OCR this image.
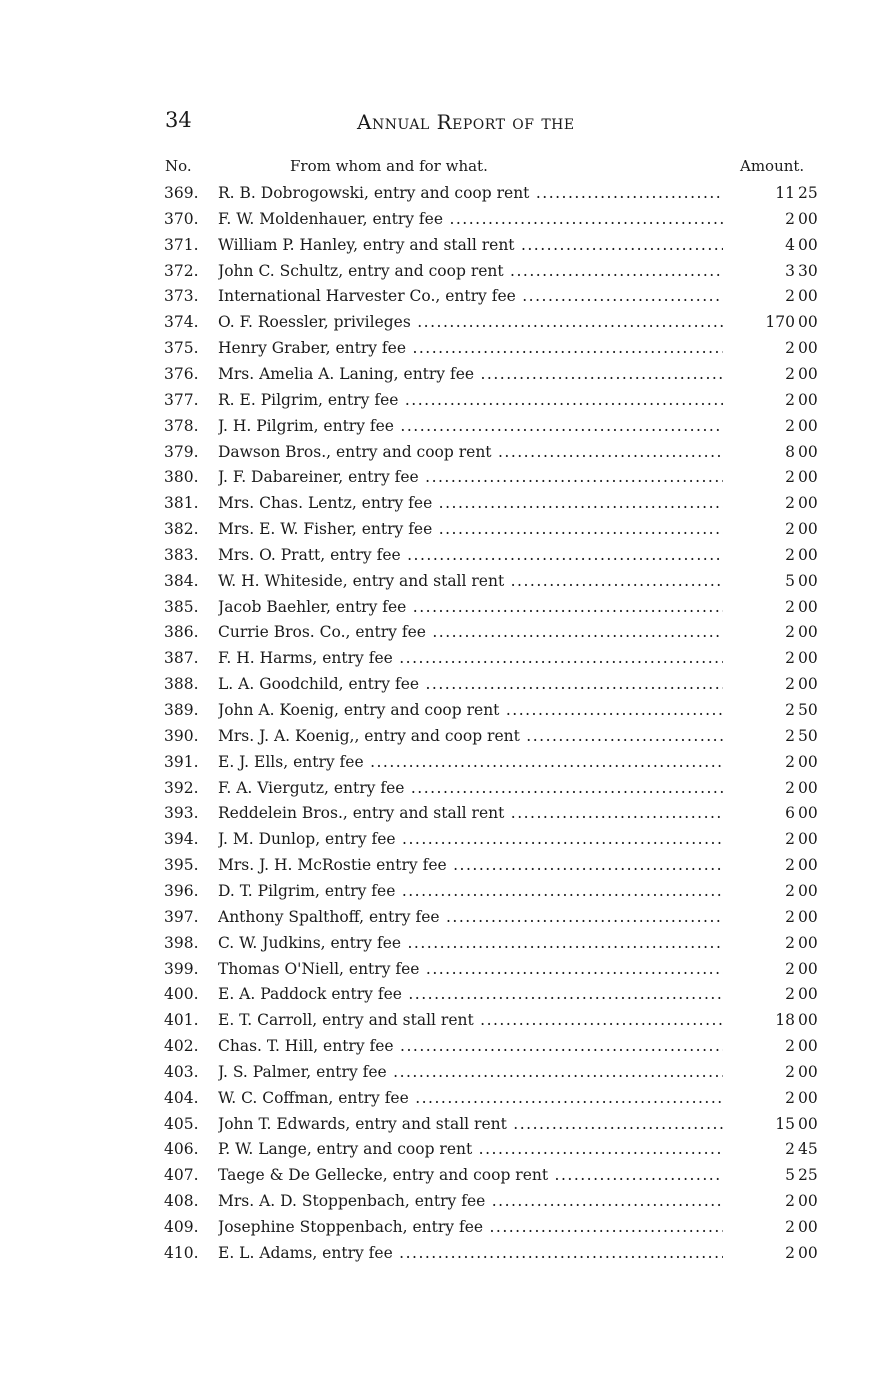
34	Annual Report of the
No.	From whom and for what.	Amount.
369. R. B. Dobrogowski, entry and coop rent .....	11 25
370. F. W. Moldenhauer, entry fee .....	2 00
371. William P. Hanley, entry and stall rent .....	4 00
372. John C. Schultz, entry and coop rent .....	3 30
373. International Harvester Co., entry fee .....	2 00
374. O. F. Roessler, privileges .....	170 00
375. Henry Graber, entry fee .....	2 00
376. Mrs. Amelia A. Laning, entry fee .....	2 00
377. R. E. Pilgrim, entry fee .....	2 00
378. J. H. Pilgrim, entry fee .....	2 00
379. Dawson Bros., entry and coop rent .....	8 00
380. J. F. Dabareiner, entry fee .....	2 00
381. Mrs. Chas. Lentz, entry fee .....	2 00
382. Mrs. E. W. Fisher, entry fee .....	2 00
383. Mrs. O. Pratt, entry fee .....	2 00
384. W. H. Whiteside, entry and stall rent .....	5 00
385. Jacob Baehler, entry fee .....	2 00
386. Currie Bros. Co., entry fee .....	2 00
387. F. H. Harms, entry fee .....	2 00
388. L. A. Goodchild, entry fee .....	2 00
389. John A. Koenig, entry and coop rent .....	2 50
390. Mrs. J. A. Koenig,, entry and coop rent .....	2 50
391. E. J. Ells, entry fee .....	2 00
392. F. A. Viergutz, entry fee .....	2 00
393. Reddelein Bros., entry and stall rent .....	6 00
394. J. M. Dunlop, entry fee .....	2 00
395. Mrs. J. H. McRostie entry fee .....	2 00
396. D. T. Pilgrim, entry fee .....	2 00
397. Anthony Spalthoff, entry fee .....	2 00
398. C. W. Judkins, entry fee .....	2 00
399. Thomas O'Niell, entry fee .....	2 00
400. E. A. Paddock entry fee .....	2 00
401. E. T. Carroll, entry and stall rent .....	18 00
402. Chas. T. Hill, entry fee .....	2 00
403. J. S. Palmer, entry fee .....	2 00
404. W. C. Coffman, entry fee .....	2 00
405. John T. Edwards, entry and stall rent .....	15 00
406. P. W. Lange, entry and coop rent .....	2 45
407. Taege & De Gellecke, entry and coop rent .....	5 25
408. Mrs. A. D. Stoppenbach, entry fee .....	2 00
409. Josephine Stoppenbach, entry fee .....	2 00
410. E. L. Adams, entry fee .....	2 00
